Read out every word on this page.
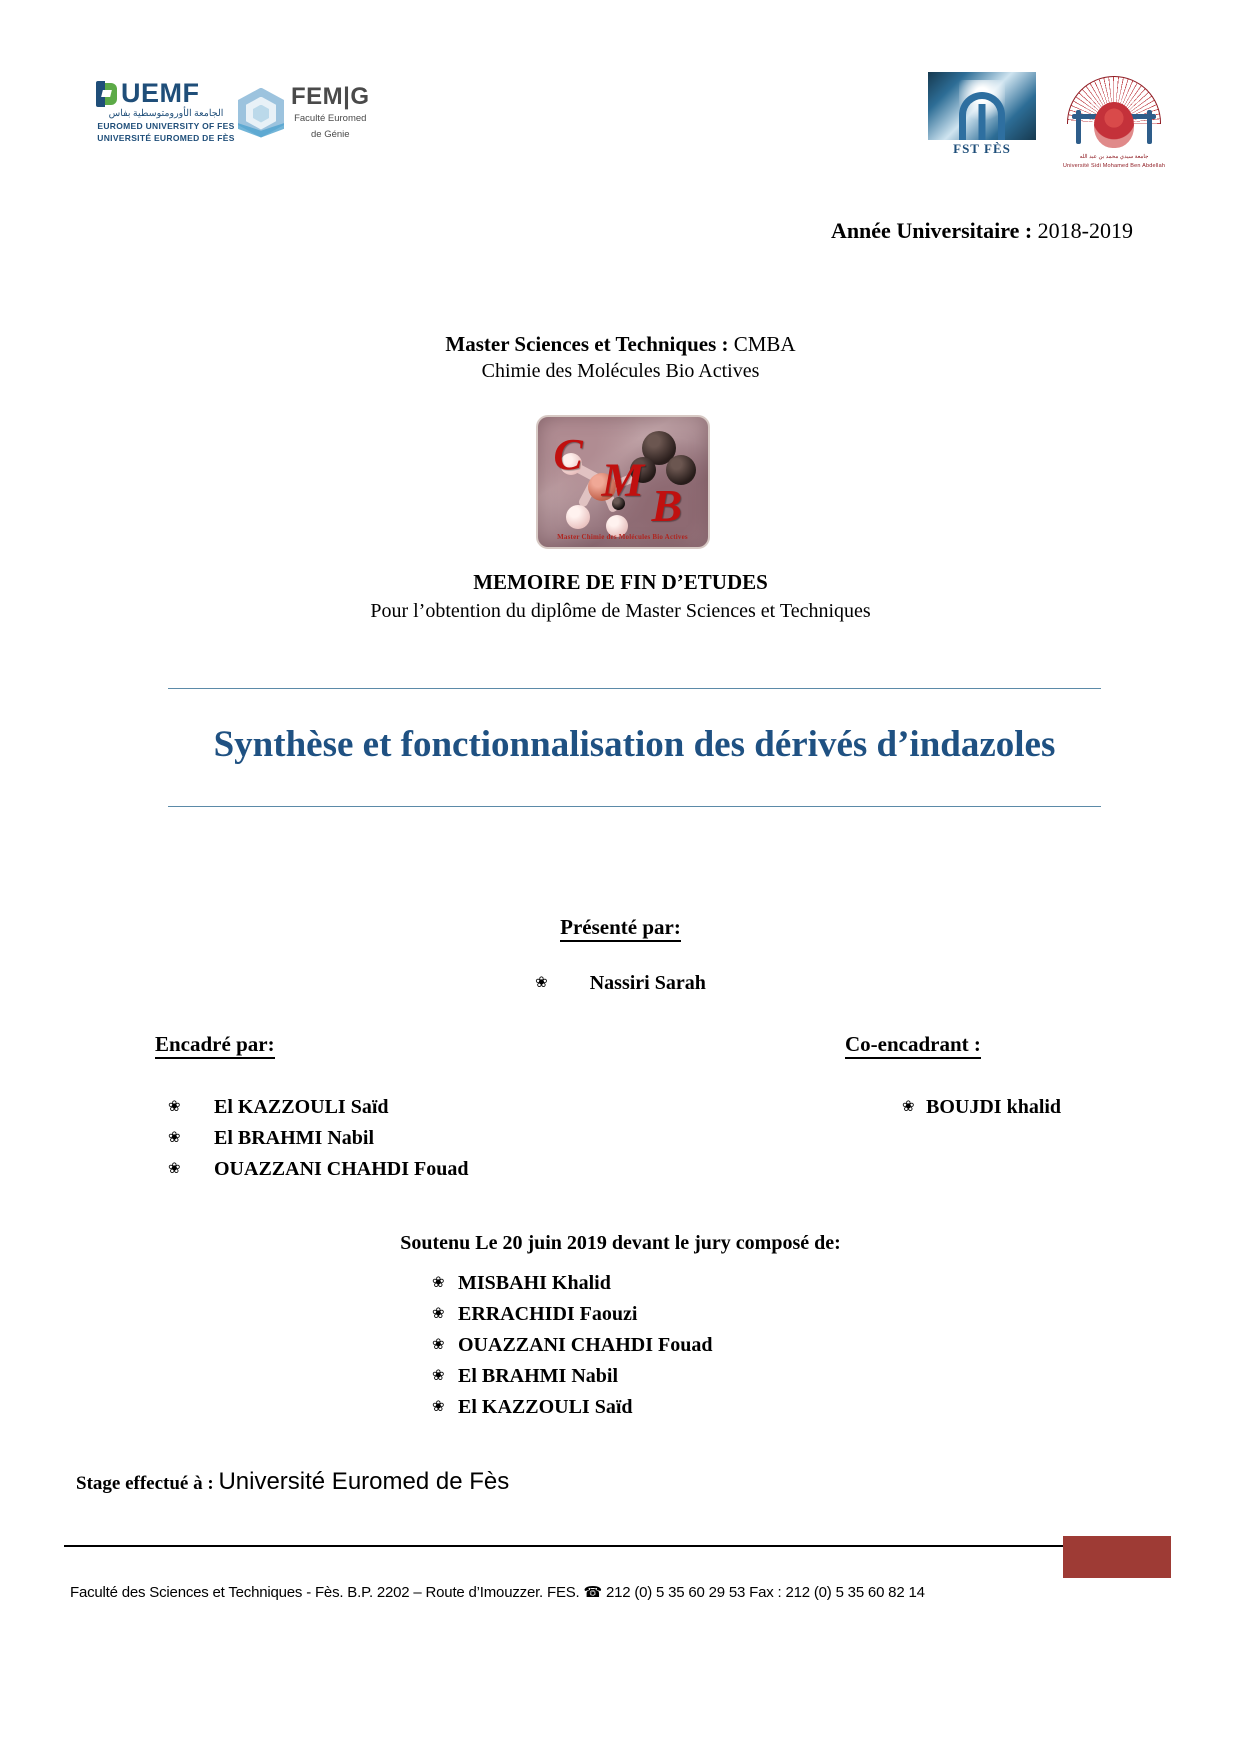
UEMF
الجامعة الأورومتوسطية بفاس
EUROMED UNIVERSITY OF FES
UNIVERSITÉ EUROMED DE FÈS
FEM|G
Faculté Euromed
de Génie
FST FÈS
جامعة سيدي محمد بن عبد الله
Université Sidi Mohamed Ben Abdellah
Année Universitaire : 2018-2019
Master Sciences et Techniques : CMBA
Chimie des Molécules Bio Actives
C M B
Master Chimie des Molécules Bio Actives
MEMOIRE DE FIN D’ETUDES
Pour l’obtention du diplôme de Master Sciences et Techniques
Synthèse et fonctionnalisation des dérivés d’indazoles
Présenté par:
❀ Nassiri Sarah
Encadré par:
❀ El KAZZOULI Saïd
❀ El BRAHMI Nabil
❀ OUAZZANI CHAHDI Fouad
Co-encadrant :
❀ BOUJDI khalid
Soutenu Le 20 juin 2019 devant le jury composé de:
❀ MISBAHI Khalid
❀ ERRACHIDI Faouzi
❀ OUAZZANI CHAHDI Fouad
❀ El BRAHMI Nabil
❀ El KAZZOULI Saïd
Stage effectué à : Université Euromed de Fès
Faculté des Sciences et Techniques - Fès. B.P. 2202 – Route d’Imouzzer. FES. ☎ 212 (0) 5 35 60 29 53 Fax : 212 (0) 5 35 60 82 14
